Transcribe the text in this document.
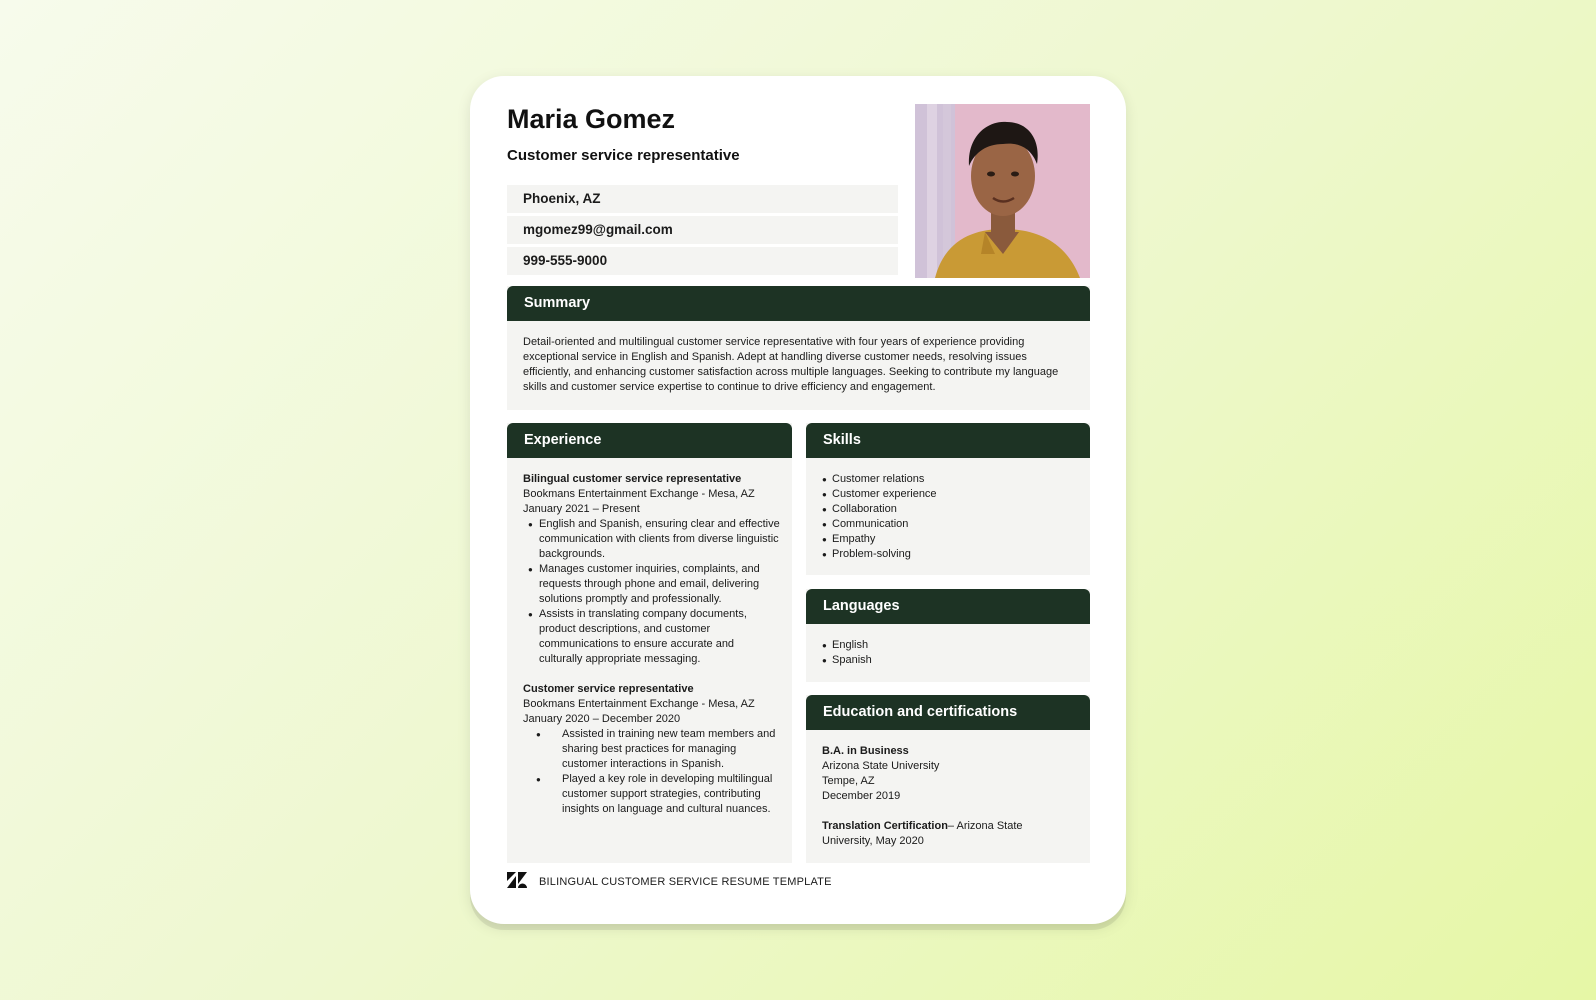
Maria Gomez
Customer service representative
Phoenix, AZ
mgomez99@gmail.com
999-555-9000
Summary
Detail-oriented and multilingual customer service representative with four years of experience providing exceptional service in English and Spanish. Adept at handling diverse customer needs, resolving issues efficiently, and enhancing customer satisfaction across multiple languages. Seeking to contribute my language skills and customer service expertise to continue to drive efficiency and engagement.
Experience
Bilingual customer service representative
Bookmans Entertainment Exchange - Mesa, AZ
January 2021 – Present
● English and Spanish, ensuring clear and effective communication with clients from diverse linguistic backgrounds.
● Manages customer inquiries, complaints, and requests through phone and email, delivering solutions promptly and professionally.
● Assists in translating company documents, product descriptions, and customer communications to ensure accurate and culturally appropriate messaging.
Customer service representative
Bookmans Entertainment Exchange - Mesa, AZ
January 2020 – December 2020
● Assisted in training new team members and sharing best practices for managing customer interactions in Spanish.
● Played a key role in developing multilingual customer support strategies, contributing insights on language and cultural nuances.
Skills
● Customer relations
● Customer experience
● Collaboration
● Communication
● Empathy
● Problem-solving
Languages
● English
● Spanish
Education and certifications
B.A. in Business
Arizona State University
Tempe, AZ
December 2019
Translation Certification– Arizona State University, May 2020
BILINGUAL CUSTOMER SERVICE RESUME TEMPLATE
